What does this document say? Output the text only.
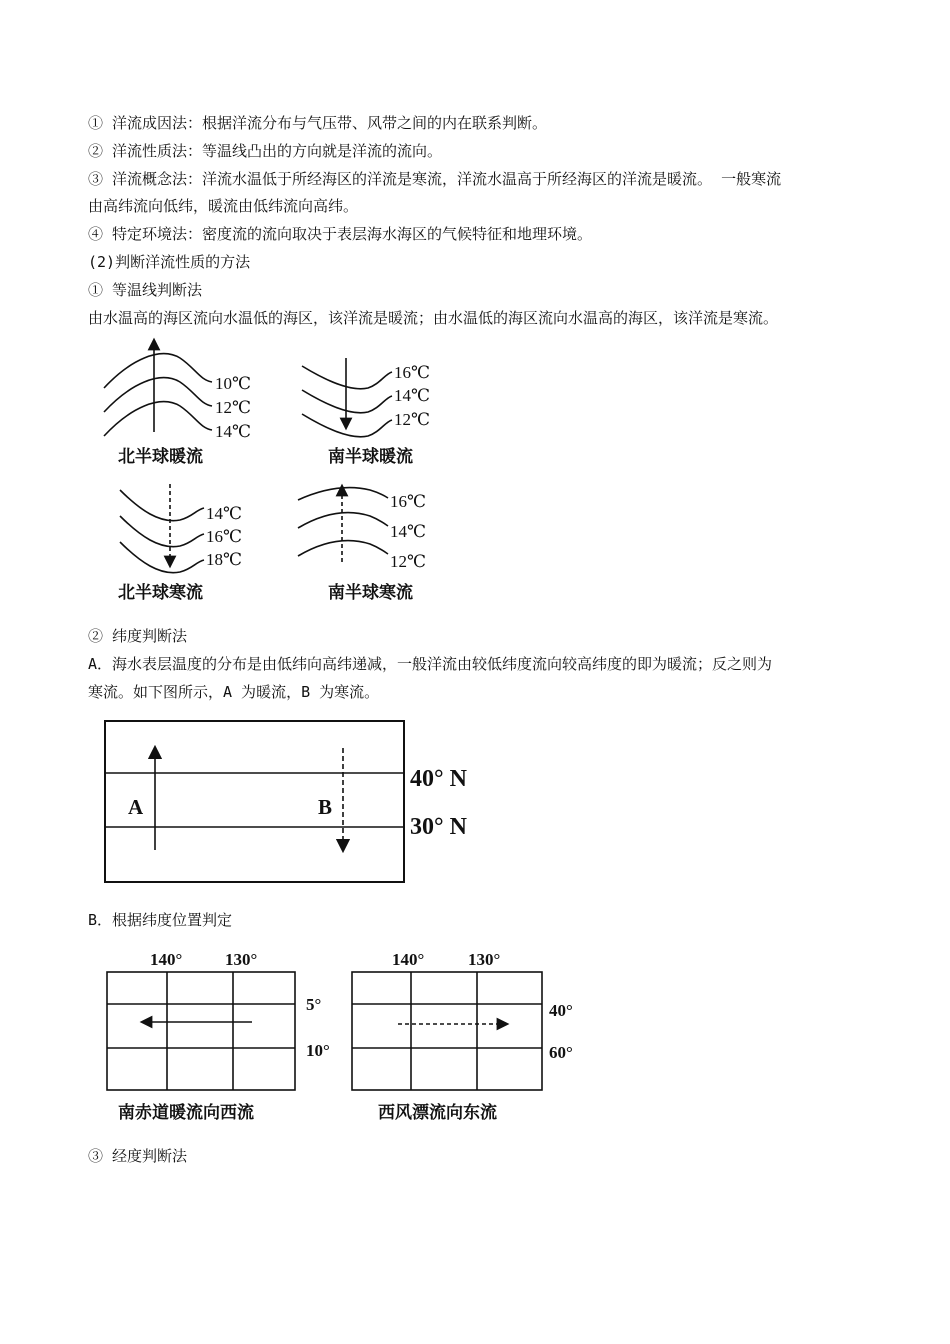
① 洋流成因法：根据洋流分布与气压带、风带之间的内在联系判断。
② 洋流性质法：等温线凸出的方向就是洋流的流向。
③ 洋流概念法：洋流水温低于所经海区的洋流是寒流，洋流水温高于所经海区的洋流是暖流。 一般寒流
由高纬流向低纬，暖流由低纬流向高纬。
④ 特定环境法：密度流的流向取决于表层海水海区的气候特征和地理环境。
(2)判断洋流性质的方法
① 等温线判断法
由水温高的海区流向水温低的海区，该洋流是暖流；由水温低的海区流向水温高的海区，该洋流是寒流。
10℃
12℃
14℃
北半球暖流
16℃
14℃
12℃
南半球暖流
14℃
16℃
18℃
北半球寒流
16℃
14℃
12℃
南半球寒流
② 纬度判断法
A．海水表层温度的分布是由低纬向高纬递减，一般洋流由较低纬度流向较高纬度的即为暖流；反之则为
寒流。如下图所示，A 为暖流，B 为寒流。
A	B
40° N
30° N
B．根据纬度位置判定
140°	130°
5°
10°
南赤道暖流向西流
140°	130°
40°
60°
西风漂流向东流
③ 经度判断法
